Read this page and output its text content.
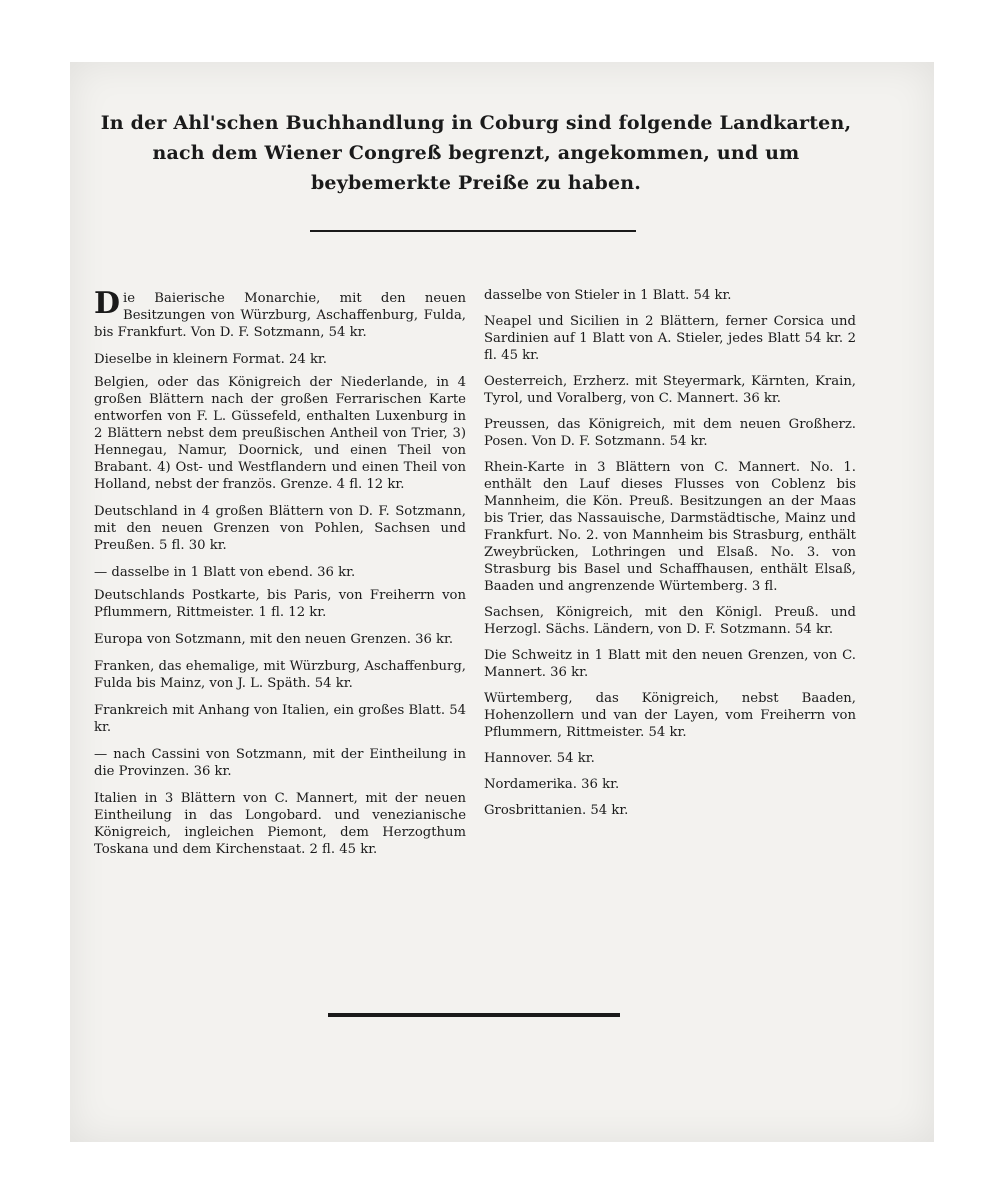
In der Ahl'schen Buchhandlung in Coburg sind folgende Landkarten, nach dem Wiener Congreß begrenzt, angekommen, und um beybemerkte Preiße zu haben.
Die Baierische Monarchie, mit den neuen Besitzungen von Würzburg, Aschaffenburg, Fulda, bis Frankfurt. Von D. F. Sotzmann, 54 kr.
Dieselbe in kleinern Format. 24 kr.
Belgien, oder das Königreich der Niederlande, in 4 großen Blättern nach der großen Ferrarischen Karte entworfen von F. L. Güssefeld, enthalten Luxenburg in 2 Blättern nebst dem preußischen Antheil von Trier, 3) Hennegau, Namur, Doornick, und einen Theil von Brabant. 4) Ost- und Westflandern und einen Theil von Holland, nebst der französ. Grenze. 4 fl. 12 kr.
Deutschland in 4 großen Blättern von D. F. Sotzmann, mit den neuen Grenzen von Pohlen, Sachsen und Preußen. 5 fl. 30 kr.
— dasselbe in 1 Blatt von ebend. 36 kr.
Deutschlands Postkarte, bis Paris, von Freiherrn von Pflummern, Rittmeister. 1 fl. 12 kr.
Europa von Sotzmann, mit den neuen Grenzen. 36 kr.
Franken, das ehemalige, mit Würzburg, Aschaffenburg, Fulda bis Mainz, von J. L. Späth. 54 kr.
Frankreich mit Anhang von Italien, ein großes Blatt. 54 kr.
— nach Cassini von Sotzmann, mit der Eintheilung in die Provinzen. 36 kr.
Italien in 3 Blättern von C. Mannert, mit der neuen Eintheilung in das Longobard. und venezianische Königreich, ingleichen Piemont, dem Herzogthum Toskana und dem Kirchenstaat. 2 fl. 45 kr.
dasselbe von Stieler in 1 Blatt. 54 kr.
Neapel und Sicilien in 2 Blättern, ferner Corsica und Sardinien auf 1 Blatt von A. Stieler, jedes Blatt 54 kr. 2 fl. 45 kr.
Oesterreich, Erzherz. mit Steyermark, Kärnten, Krain, Tyrol, und Voralberg, von C. Mannert. 36 kr.
Preussen, das Königreich, mit dem neuen Großherz. Posen. Von D. F. Sotzmann. 54 kr.
Rhein-Karte in 3 Blättern von C. Mannert. No. 1. enthält den Lauf dieses Flusses von Coblenz bis Mannheim, die Kön. Preuß. Besitzungen an der Maas bis Trier, das Nassauische, Darmstädtische, Mainz und Frankfurt. No. 2. von Mannheim bis Strasburg, enthält Zweybrücken, Lothringen und Elsaß. No. 3. von Strasburg bis Basel und Schaffhausen, enthält Elsaß, Baaden und angrenzende Würtemberg. 3 fl.
Sachsen, Königreich, mit den Königl. Preuß. und Herzogl. Sächs. Ländern, von D. F. Sotzmann. 54 kr.
Die Schweitz in 1 Blatt mit den neuen Grenzen, von C. Mannert. 36 kr.
Würtemberg, das Königreich, nebst Baaden, Hohenzollern und van der Layen, vom Freiherrn von Pflummern, Rittmeister. 54 kr.
Hannover. 54 kr.
Nordamerika. 36 kr.
Grosbrittanien. 54 kr.
